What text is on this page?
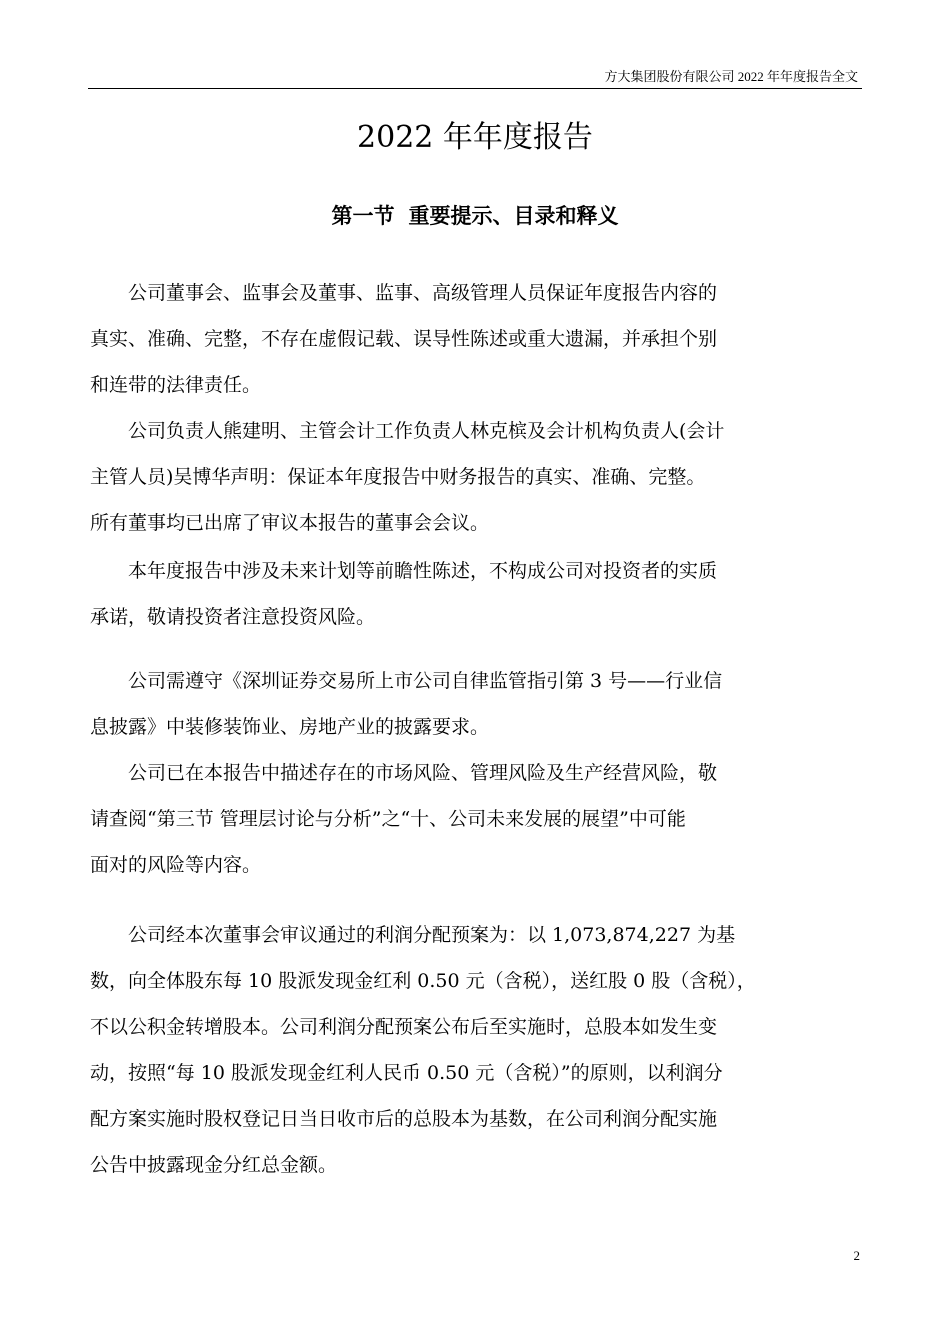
方大集团股份有限公司 2022 年年度报告全文
2022 年年度报告
第一节 重要提示、目录和释义

　　公司董事会、监事会及董事、监事、高级管理人员保证年度报告内容的
真实、准确、完整，不存在虚假记载、误导性陈述或重大遗漏，并承担个别
和连带的法律责任。

　　公司负责人熊建明、主管会计工作负责人林克槟及会计机构负责人(会计
主管人员)吴博华声明：保证本年度报告中财务报告的真实、准确、完整。
所有董事均已出席了审议本报告的董事会会议。

　　本年度报告中涉及未来计划等前瞻性陈述，不构成公司对投资者的实质
承诺，敬请投资者注意投资风险。

　　公司需遵守《深圳证券交易所上市公司自律监管指引第 3 号——行业信
息披露》中装修装饰业、房地产业的披露要求。

　　公司已在本报告中描述存在的市场风险、管理风险及生产经营风险，敬
请查阅“第三节 管理层讨论与分析”之“十、公司未来发展的展望”中可能
面对的风险等内容。

　　公司经本次董事会审议通过的利润分配预案为：以 1,073,874,227 为基
数，向全体股东每 10 股派发现金红利 0.50 元（含税），送红股 0 股（含税），
不以公积金转增股本。公司利润分配预案公布后至实施时，总股本如发生变
动，按照“每 10 股派发现金红利人民币 0.50 元（含税）”的原则，以利润分
配方案实施时股权登记日当日收市后的总股本为基数，在公司利润分配实施
公告中披露现金分红总金额。

2
